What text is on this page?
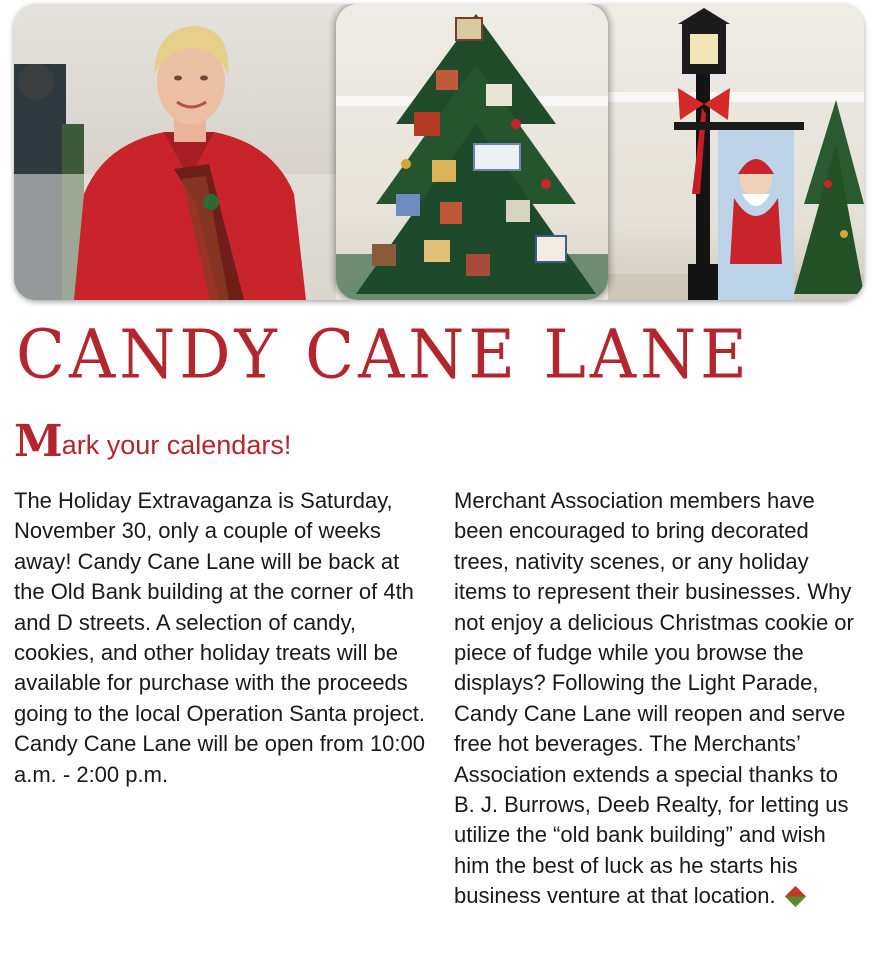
CANDY CANE LANE
Mark your calendars!

The Holiday Extravaganza is Saturday, November 30, only a couple of weeks away! Candy Cane Lane will be back at the Old Bank building at the corner of 4th and D streets. A selection of candy, cookies, and other holiday treats will be available for purchase with the proceeds going to the local Operation Santa project. Candy Cane Lane will be open from 10:00 a.m. - 2:00 p.m.

Merchant Association members have been encouraged to bring decorated trees, nativity scenes, or any holiday items to represent their businesses. Why not enjoy a delicious Christmas cookie or piece of fudge while you browse the displays? Following the Light Parade, Candy Cane Lane will reopen and serve free hot beverages. The Merchants’ Association extends a special thanks to B. J. Burrows, Deeb Realty, for letting us utilize the “old bank building” and wish him the best of luck as he starts his business venture at that location.
